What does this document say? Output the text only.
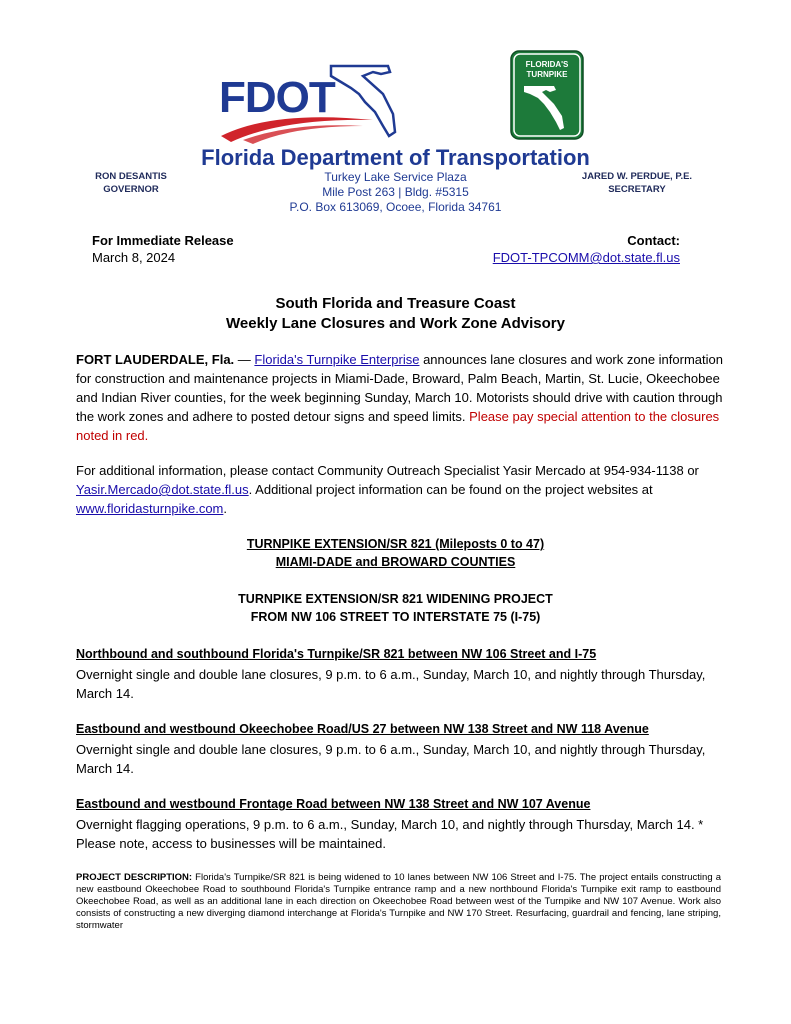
FDOT
FLORIDA'S
TURNPIKE
Florida Department of Transportation
RON DESANTIS
GOVERNOR
JARED W. PERDUE, P.E.
SECRETARY
Turkey Lake Service Plaza
Mile Post 263 | Bldg. #5315
P.O. Box 613069, Ocoee, Florida 34761
For Immediate Release
March 8, 2024
Contact:
FDOT-TPCOMM@dot.state.fl.us
South Florida and Treasure Coast
Weekly Lane Closures and Work Zone Advisory
FORT LAUDERDALE, Fla. — Florida's Turnpike Enterprise announces lane closures and work zone information for construction and maintenance projects in Miami-Dade, Broward, Palm Beach, Martin, St. Lucie, Okeechobee and Indian River counties, for the week beginning Sunday, March 10. Motorists should drive with caution through the work zones and adhere to posted detour signs and speed limits. Please pay special attention to the closures noted in red.
For additional information, please contact Community Outreach Specialist Yasir Mercado at 954-934-1138 or Yasir.Mercado@dot.state.fl.us. Additional project information can be found on the project websites at www.floridasturnpike.com.
TURNPIKE EXTENSION/SR 821 (Mileposts 0 to 47)
MIAMI-DADE and BROWARD COUNTIES
TURNPIKE EXTENSION/SR 821 WIDENING PROJECT
FROM NW 106 STREET TO INTERSTATE 75 (I-75)
Northbound and southbound Florida's Turnpike/SR 821 between NW 106 Street and I-75
Overnight single and double lane closures, 9 p.m. to 6 a.m., Sunday, March 10, and nightly through Thursday, March 14.
Eastbound and westbound Okeechobee Road/US 27 between NW 138 Street and NW 118 Avenue
Overnight single and double lane closures, 9 p.m. to 6 a.m., Sunday, March 10, and nightly through Thursday, March 14.
Eastbound and westbound Frontage Road between NW 138 Street and NW 107 Avenue
Overnight flagging operations, 9 p.m. to 6 a.m., Sunday, March 10, and nightly through Thursday, March 14. * Please note, access to businesses will be maintained.
PROJECT DESCRIPTION: Florida's Turnpike/SR 821 is being widened to 10 lanes between NW 106 Street and I-75. The project entails constructing a new eastbound Okeechobee Road to southbound Florida's Turnpike entrance ramp and a new northbound Florida's Turnpike exit ramp to eastbound Okeechobee Road, as well as an additional lane in each direction on Okeechobee Road between west of the Turnpike and NW 107 Avenue. Work also consists of constructing a new diverging diamond interchange at Florida's Turnpike and NW 170 Street. Resurfacing, guardrail and fencing, lane striping, stormwater
